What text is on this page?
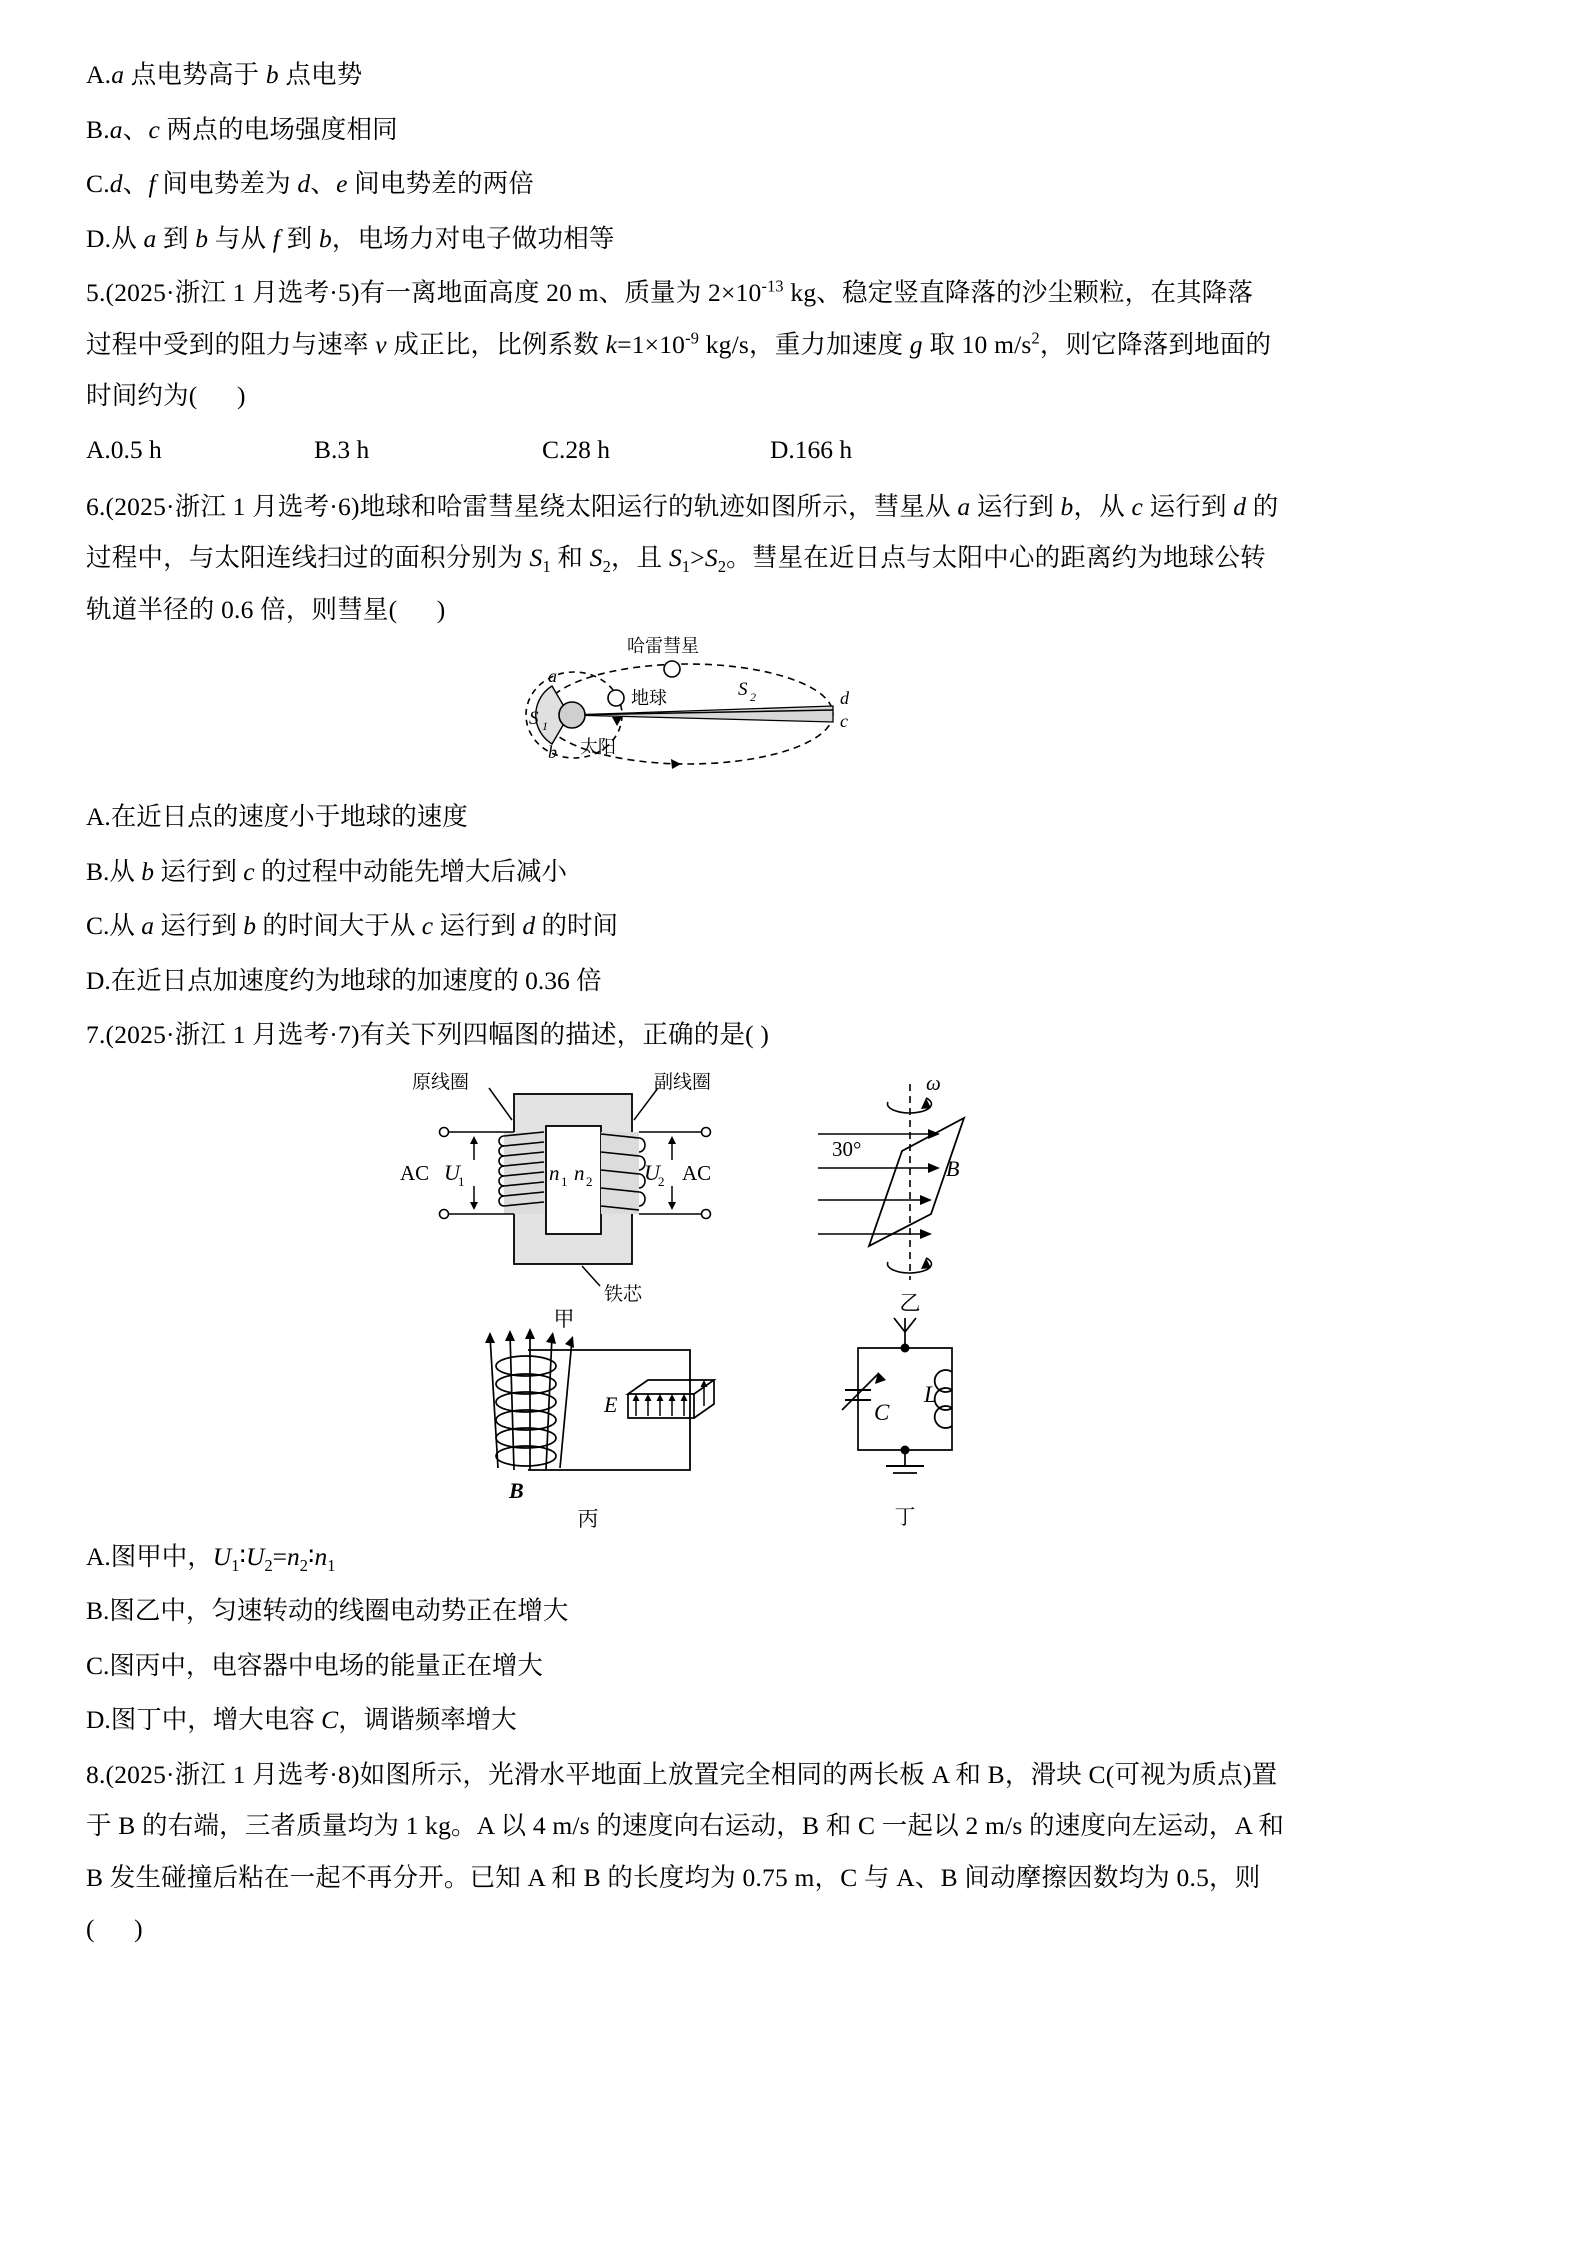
A.a 点电势高于 b 点电势

B.a、c 两点的电场强度相同

C.d、f 间电势差为 d、e 间电势差的两倍

D.从 a 到 b 与从 f 到 b，电场力对电子做功相等

5.(2025·浙江 1 月选考·5)有一离地面高度 20 m、质量为 $2\times 10^{-13}$ kg、稳定竖直降落的沙尘颗粒，在其降落

过程中受到的阻力与速率 v 成正比，比例系数 $k=1\times 10^{-9}$ kg/s，重力加速度 g 取 10 $m/s^2$，则它降落到地面的

时间约为(      )

A.0.5 h	B.3 h	C.28 h	D.166 h

6.(2025·浙江 1 月选考·6)地球和哈雷彗星绕太阳运行的轨迹如图所示，彗星从 a 运行到 b，从 c 运行到 d 的

过程中，与太阳连线扫过的面积分别为 $S_1$ 和 $S_2$，且 $S_1>S_2$。彗星在近日点与太阳中心的距离约为地球公转

轨道半径的 0.6 倍，则彗星(      )

哈雷彗星
地球
太阳
S 1
S 2
a
b
d
c

A.在近日点的速度小于地球的速度

B.从 b 运行到 c 的过程中动能先增大后减小

C.从 a 运行到 b 的时间大于从 c 运行到 d 的时间

D.在近日点加速度约为地球的加速度的 0.36 倍

7.(2025·浙江 1 月选考·7)有关下列四幅图的描述，正确的是( )

原线圈	副线圈
铁芯
AC U
1	n 1 n 2 U
2 AC
甲
ω
30°
B
乙
B
E
丙
C
L
丁

A.图甲中，$U_1∶U_2=n_2∶n_1$

B.图乙中，匀速转动的线圈电动势正在增大

C.图丙中，电容器中电场的能量正在增大

D.图丁中，增大电容 C，调谐频率增大

8.(2025·浙江 1 月选考·8)如图所示，光滑水平地面上放置完全相同的两长板 A 和 B，滑块 C(可视为质点)置

于 B 的右端，三者质量均为 1 kg。A 以 4 m/s 的速度向右运动，B 和 C 一起以 2 m/s 的速度向左运动，A 和

B 发生碰撞后粘在一起不再分开。已知 A 和 B 的长度均为 0.75 m，C 与 A、B 间动摩擦因数均为 0.5，则

(      )
